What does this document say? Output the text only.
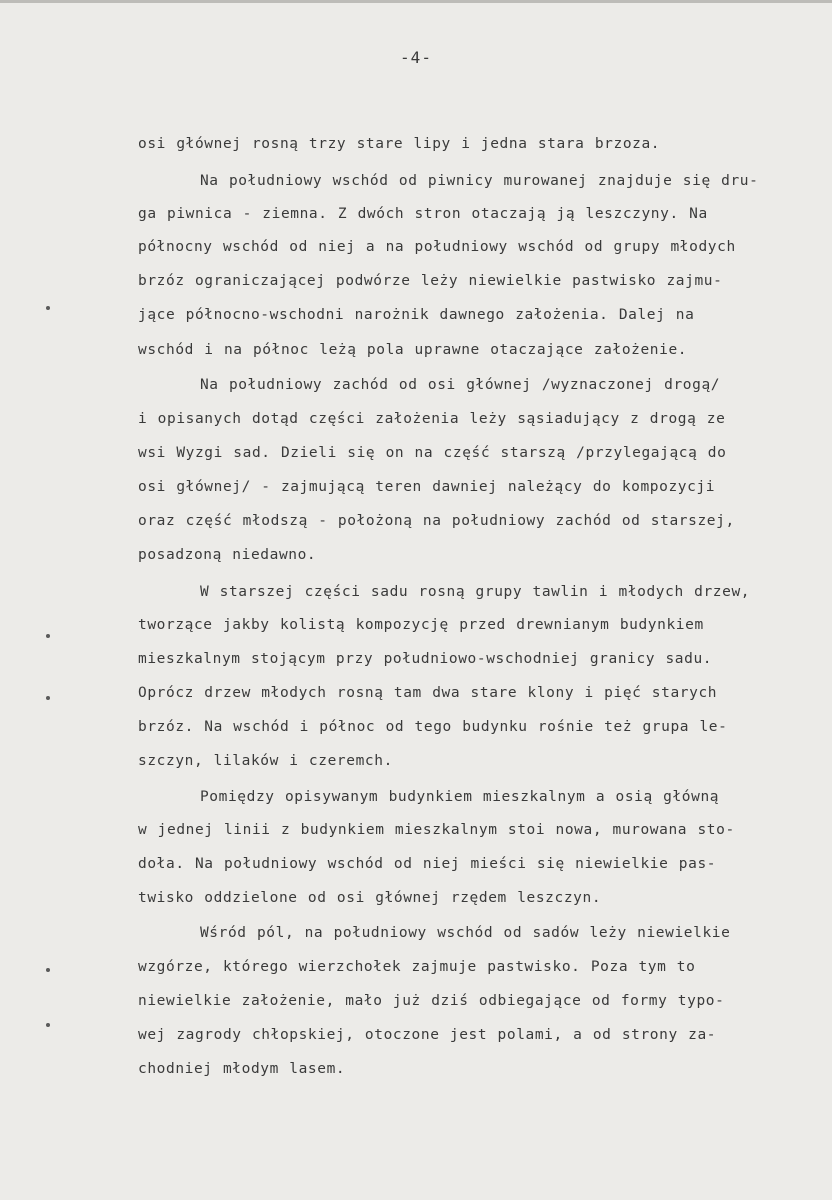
-4-
osi głównej rosną trzy stare lipy i jedna stara brzoza.
Na południowy wschód od piwnicy murowanej znajduje się dru-
ga piwnica - ziemna. Z dwóch stron otaczają ją leszczyny. Na
północny wschód od niej a na południowy wschód od grupy młodych
brzóz ograniczającej podwórze leży niewielkie pastwisko zajmu-
jące północno-wschodni narożnik dawnego założenia. Dalej na
wschód i na północ leżą pola uprawne otaczające założenie.
Na południowy zachód od osi głównej /wyznaczonej drogą/
i opisanych dotąd części założenia leży sąsiadujący z drogą ze
wsi Wyzgi sad. Dzieli się on na część starszą /przylegającą do
osi głównej/ - zajmującą teren dawniej należący do kompozycji
oraz część młodszą - położoną na południowy zachód od starszej,
posadzoną niedawno.
W starszej części sadu rosną grupy tawlin i młodych drzew,
tworzące jakby kolistą kompozycję przed drewnianym budynkiem
mieszkalnym stojącym przy południowo-wschodniej granicy sadu.
Oprócz drzew młodych rosną tam dwa stare klony i pięć starych
brzóz. Na wschód i północ od tego budynku rośnie też grupa le-
szczyn, lilaków i czeremch.
Pomiędzy opisywanym budynkiem mieszkalnym a osią główną
w jednej linii z budynkiem mieszkalnym stoi nowa, murowana sto-
doła. Na południowy wschód od niej mieści się niewielkie pas-
twisko oddzielone od osi głównej rzędem leszczyn.
Wśród pól, na południowy wschód od sadów leży niewielkie
wzgórze, którego wierzchołek zajmuje pastwisko. Poza tym to
niewielkie założenie, mało już dziś odbiegające od formy typo-
wej zagrody chłopskiej, otoczone jest polami, a od strony za-
chodniej młodym lasem.
